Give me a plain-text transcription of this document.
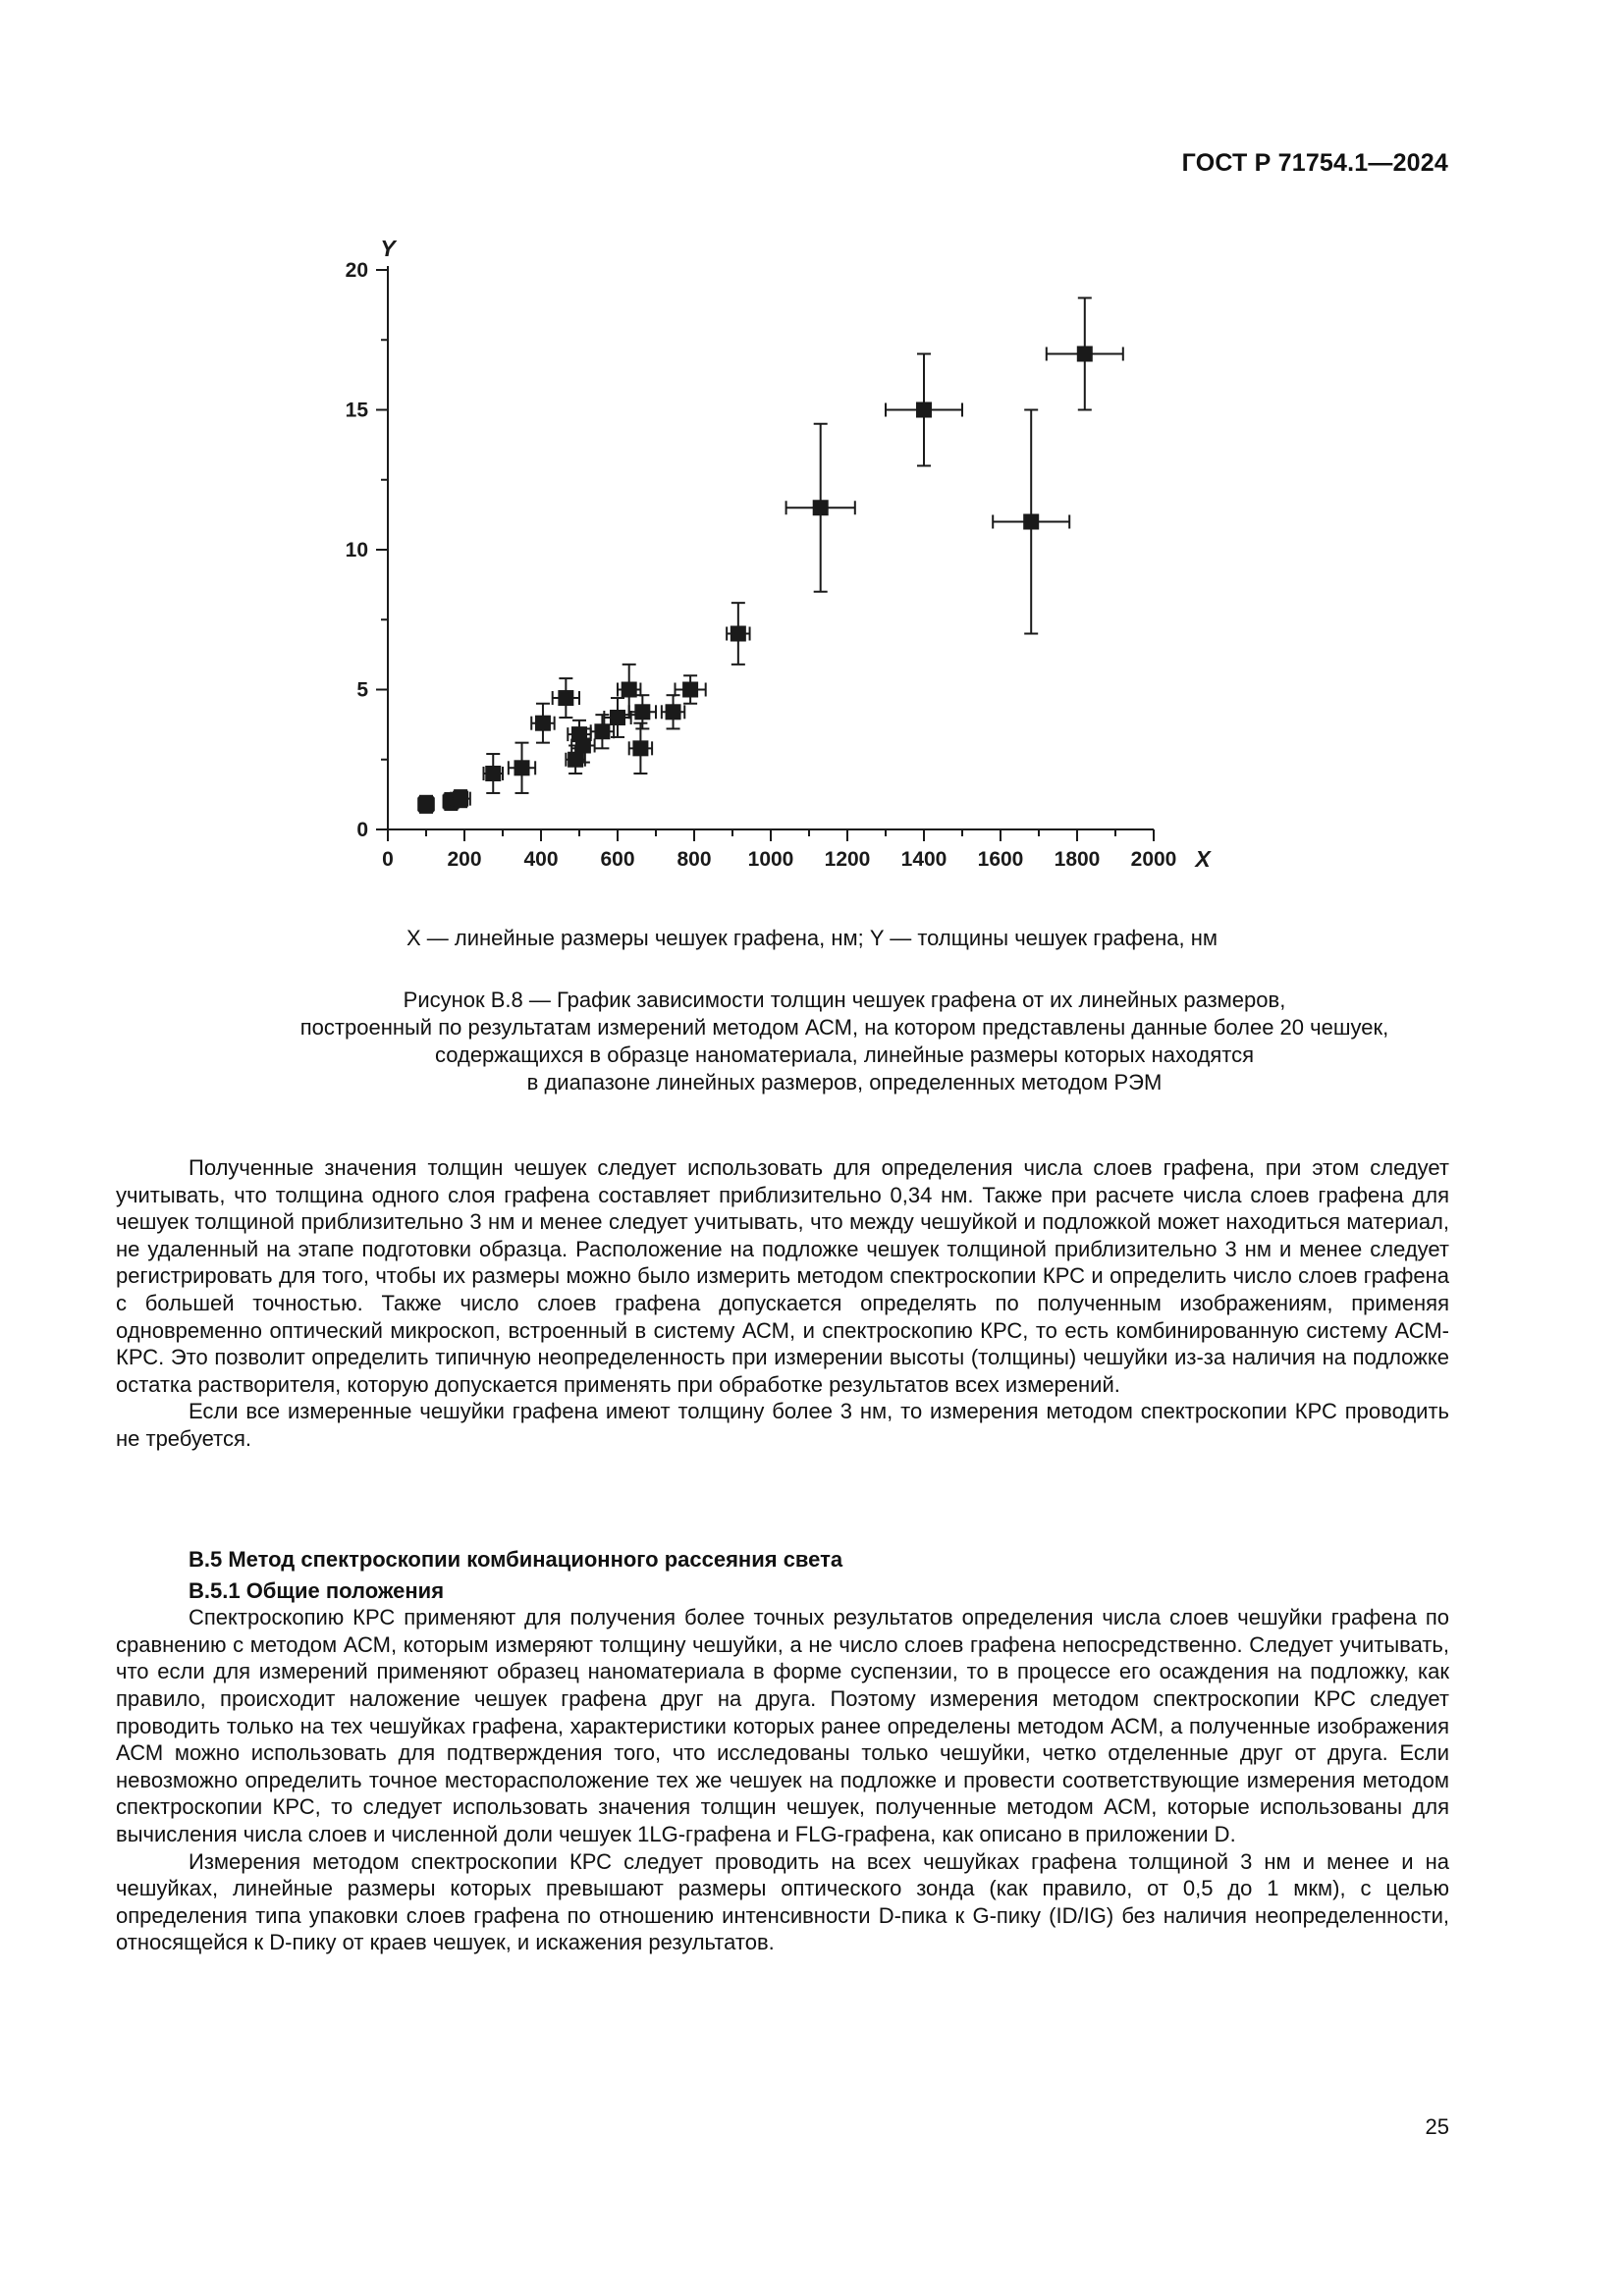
ГОСТ Р 71754.1—2024
0	200 400 600 800 1000 1200 1400 1600 1800 2000
0
5
10
15
20
X
Y
X — линейные размеры чешуек графена, нм; Y — толщины чешуек графена, нм
Рисунок В.8 — График зависимости толщин чешуек графена от их линейных размеров,
построенный по результатам измерений методом АСМ, на котором представлены данные более 20 чешуек,
содержащихся в образце наноматериала, линейные размеры которых находятся
в диапазоне линейных размеров, определенных методом РЭМ

Полученные значения толщин чешуек следует использовать для определения числа слоев графена, при этом следует учитывать, что толщина одного слоя графена составляет приблизительно 0,34 нм. Также при расчете числа слоев графена для чешуек толщиной приблизительно 3 нм и менее следует учитывать, что между чешуйкой и подложкой может находиться материал, не удаленный на этапе подготовки образца. Расположение на подложке чешуек толщиной приблизительно 3 нм и менее следует регистрировать для того, чтобы их размеры можно было измерить методом спектроскопии КРС и определить число слоев графена с большей точностью. Также число слоев графена допускается определять по полученным изображениям, применяя одновременно оптический микроскоп, встроенный в систему АСМ, и спектроскопию КРС, то есть комбинированную систему АСМ-КРС. Это позволит определить типичную неопределенность при измерении высоты (толщины) чешуйки из-за наличия на подложке остатка растворителя, которую допускается применять при обработке результатов всех измерений.

Если все измеренные чешуйки графена имеют толщину более 3 нм, то измерения методом спектроскопии КРС проводить не требуется.

В.5 Метод спектроскопии комбинационного рассеяния света

В.5.1 Общие положения

Спектроскопию КРС применяют для получения более точных результатов определения числа слоев чешуйки графена по сравнению с методом АСМ, которым измеряют толщину чешуйки, а не число слоев графена непосредственно. Следует учитывать, что если для измерений применяют образец наноматериала в форме суспензии, то в процессе его осаждения на подложку, как правило, происходит наложение чешуек графена друг на друга. Поэтому измерения методом спектроскопии КРС следует проводить только на тех чешуйках графена, характеристики которых ранее определены методом АСМ, а полученные изображения АСМ можно использовать для подтверждения того, что исследованы только чешуйки, четко отделенные друг от друга. Если невозможно определить точное месторасположение тех же чешуек на подложке и провести соответствующие измерения методом спектроскопии КРС, то следует использовать значения толщин чешуек, полученные методом АСМ, которые использованы для вычисления числа слоев и численной доли чешуек 1LG-графена и FLG-графена, как описано в приложении D.

Измерения методом спектроскопии КРС следует проводить на всех чешуйках графена толщиной 3 нм и менее и на чешуйках, линейные размеры которых превышают размеры оптического зонда (как правило, от 0,5 до 1 мкм), с целью определения типа упаковки слоев графена по отношению интенсивности D-пика к G-пику (ID/IG) без наличия неопределенности, относящейся к D-пику от краев чешуек, и искажения результатов.

25
